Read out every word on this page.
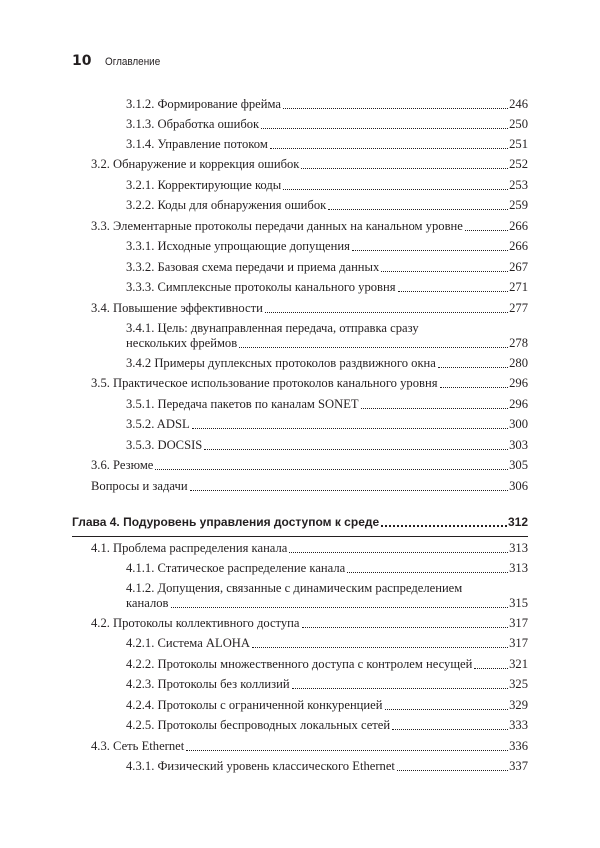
10 Оглавление
3.1.2. Формирование фрейма	246
3.1.3. Обработка ошибок	250
3.1.4. Управление потоком	251
3.2. Обнаружение и коррекция ошибок	252
3.2.1. Корректирующие коды	253
3.2.2. Коды для обнаружения ошибок	259
3.3. Элементарные протоколы передачи данных на канальном уровне	266
3.3.1. Исходные упрощающие допущения	266
3.3.2. Базовая схема передачи и приема данных	267
3.3.3. Симплексные протоколы канального уровня	271
3.4. Повышение эффективности	277
3.4.1. Цель: двунаправленная передача, отправка сразу
нескольких фреймов	278
3.4.2 Примеры дуплексных протоколов раздвижного окна	280
3.5. Практическое использование протоколов канального уровня	296
3.5.1. Передача пакетов по каналам SONET	296
3.5.2. ADSL	300
3.5.3. DOCSIS	303
3.6. Резюме	305
Вопросы и задачи	306
Глава 4. Подуровень управления доступом к среде	312
4.1. Проблема распределения канала	313
4.1.1. Статическое распределение канала	313
4.1.2. Допущения, связанные с динамическим распределением
каналов	315
4.2. Протоколы коллективного доступа	317
4.2.1. Система ALOHA	317
4.2.2. Протоколы множественного доступа с контролем несущей	321
4.2.3. Протоколы без коллизий	325
4.2.4. Протоколы с ограниченной конкуренцией	329
4.2.5. Протоколы беспроводных локальных сетей	333
4.3. Сеть Ethernet	336
4.3.1. Физический уровень классического Ethernet	337
